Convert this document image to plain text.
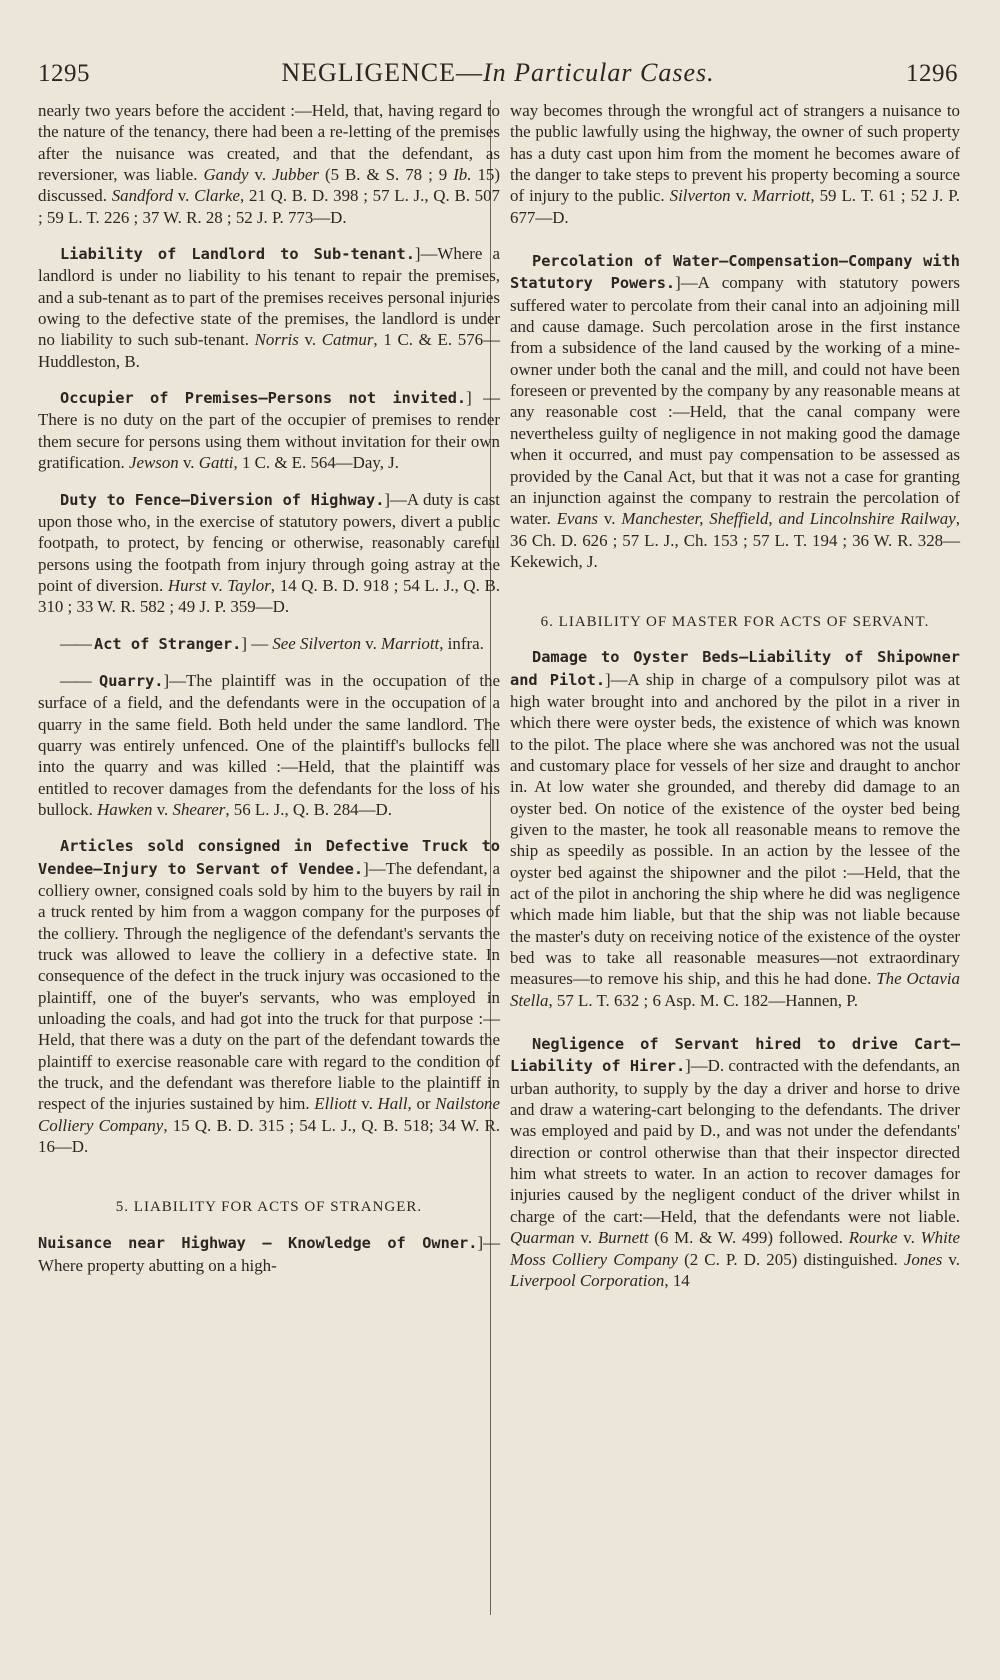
1295	NEGLIGENCE—In Particular Cases.	1296

nearly two years before the accident :—Held, that, having regard to the nature of the tenancy, there had been a re-letting of the premises after the nuisance was created, and that the defendant, as reversioner, was liable. Gandy v. Jubber (5 B. & S. 78 ; 9 Ib. 15) discussed. Sandford v. Clarke, 21 Q. B. D. 398 ; 57 L. J., Q. B. 507 ; 59 L. T. 226 ; 37 W. R. 28 ; 52 J. P. 773—D.

Liability of Landlord to Sub-tenant.]—Where a landlord is under no liability to his tenant to repair the premises, and a sub-tenant as to part of the premises receives personal injuries owing to the defective state of the premises, the landlord is under no liability to such sub-tenant. Norris v. Catmur, 1 C. & E. 576—Huddleston, B.

Occupier of Premises—Persons not invited.] —There is no duty on the part of the occupier of premises to render them secure for persons using them without invitation for their own gratification. Jewson v. Gatti, 1 C. & E. 564—Day, J.

Duty to Fence—Diversion of Highway.]—A duty is cast upon those who, in the exercise of statutory powers, divert a public footpath, to protect, by fencing or otherwise, reasonably careful persons using the footpath from injury through going astray at the point of diversion. Hurst v. Taylor, 14 Q. B. D. 918 ; 54 L. J., Q. B. 310 ; 33 W. R. 582 ; 49 J. P. 359—D.

—— Act of Stranger.] — See Silverton v. Marriott, infra.

—— Quarry.]—The plaintiff was in the occupation of the surface of a field, and the defendants were in the occupation of a quarry in the same field. Both held under the same landlord. The quarry was entirely unfenced. One of the plaintiff's bullocks fell into the quarry and was killed :—Held, that the plaintiff was entitled to recover damages from the defendants for the loss of his bullock. Hawken v. Shearer, 56 L. J., Q. B. 284—D.

Articles sold consigned in Defective Truck to Vendee—Injury to Servant of Vendee.]—The defendant, a colliery owner, consigned coals sold by him to the buyers by rail in a truck rented by him from a waggon company for the purposes of the colliery. Through the negligence of the defendant's servants the truck was allowed to leave the colliery in a defective state. In consequence of the defect in the truck injury was occasioned to the plaintiff, one of the buyer's servants, who was employed in unloading the coals, and had got into the truck for that purpose :—Held, that there was a duty on the part of the defendant towards the plaintiff to exercise reasonable care with regard to the condition of the truck, and the defendant was therefore liable to the plaintiff in respect of the injuries sustained by him. Elliott v. Hall, or Nailstone Colliery Company, 15 Q. B. D. 315 ; 54 L. J., Q. B. 518; 34 W. R. 16—D.

5. LIABILITY FOR ACTS OF STRANGER.

Nuisance near Highway — Knowledge of Owner.]—Where property abutting on a high-

way becomes through the wrongful act of strangers a nuisance to the public lawfully using the highway, the owner of such property has a duty cast upon him from the moment he becomes aware of the danger to take steps to prevent his property becoming a source of injury to the public. Silverton v. Marriott, 59 L. T. 61 ; 52 J. P. 677—D.

Percolation of Water—Compensation—Company with Statutory Powers.]—A company with statutory powers suffered water to percolate from their canal into an adjoining mill and cause damage. Such percolation arose in the first instance from a subsidence of the land caused by the working of a mine-owner under both the canal and the mill, and could not have been foreseen or prevented by the company by any reasonable means at any reasonable cost :—Held, that the canal company were nevertheless guilty of negligence in not making good the damage when it occurred, and must pay compensation to be assessed as provided by the Canal Act, but that it was not a case for granting an injunction against the company to restrain the percolation of water. Evans v. Manchester, Sheffield, and Lincolnshire Railway, 36 Ch. D. 626 ; 57 L. J., Ch. 153 ; 57 L. T. 194 ; 36 W. R. 328—Kekewich, J.

6. LIABILITY OF MASTER FOR ACTS OF SERVANT.

Damage to Oyster Beds—Liability of Shipowner and Pilot.]—A ship in charge of a compulsory pilot was at high water brought into and anchored by the pilot in a river in which there were oyster beds, the existence of which was known to the pilot. The place where she was anchored was not the usual and customary place for vessels of her size and draught to anchor in. At low water she grounded, and thereby did damage to an oyster bed. On notice of the existence of the oyster bed being given to the master, he took all reasonable means to remove the ship as speedily as possible. In an action by the lessee of the oyster bed against the shipowner and the pilot :—Held, that the act of the pilot in anchoring the ship where he did was negligence which made him liable, but that the ship was not liable because the master's duty on receiving notice of the existence of the oyster bed was to take all reasonable measures—not extraordinary measures—to remove his ship, and this he had done. The Octavia Stella, 57 L. T. 632 ; 6 Asp. M. C. 182—Hannen, P.

Negligence of Servant hired to drive Cart—Liability of Hirer.]—D. contracted with the defendants, an urban authority, to supply by the day a driver and horse to drive and draw a watering-cart belonging to the defendants. The driver was employed and paid by D., and was not under the defendants' direction or control otherwise than that their inspector directed him what streets to water. In an action to recover damages for injuries caused by the negligent conduct of the driver whilst in charge of the cart:—Held, that the defendants were not liable. Quarman v. Burnett (6 M. & W. 499) followed. Rourke v. White Moss Colliery Company (2 C. P. D. 205) distinguished. Jones v. Liverpool Corporation, 14
